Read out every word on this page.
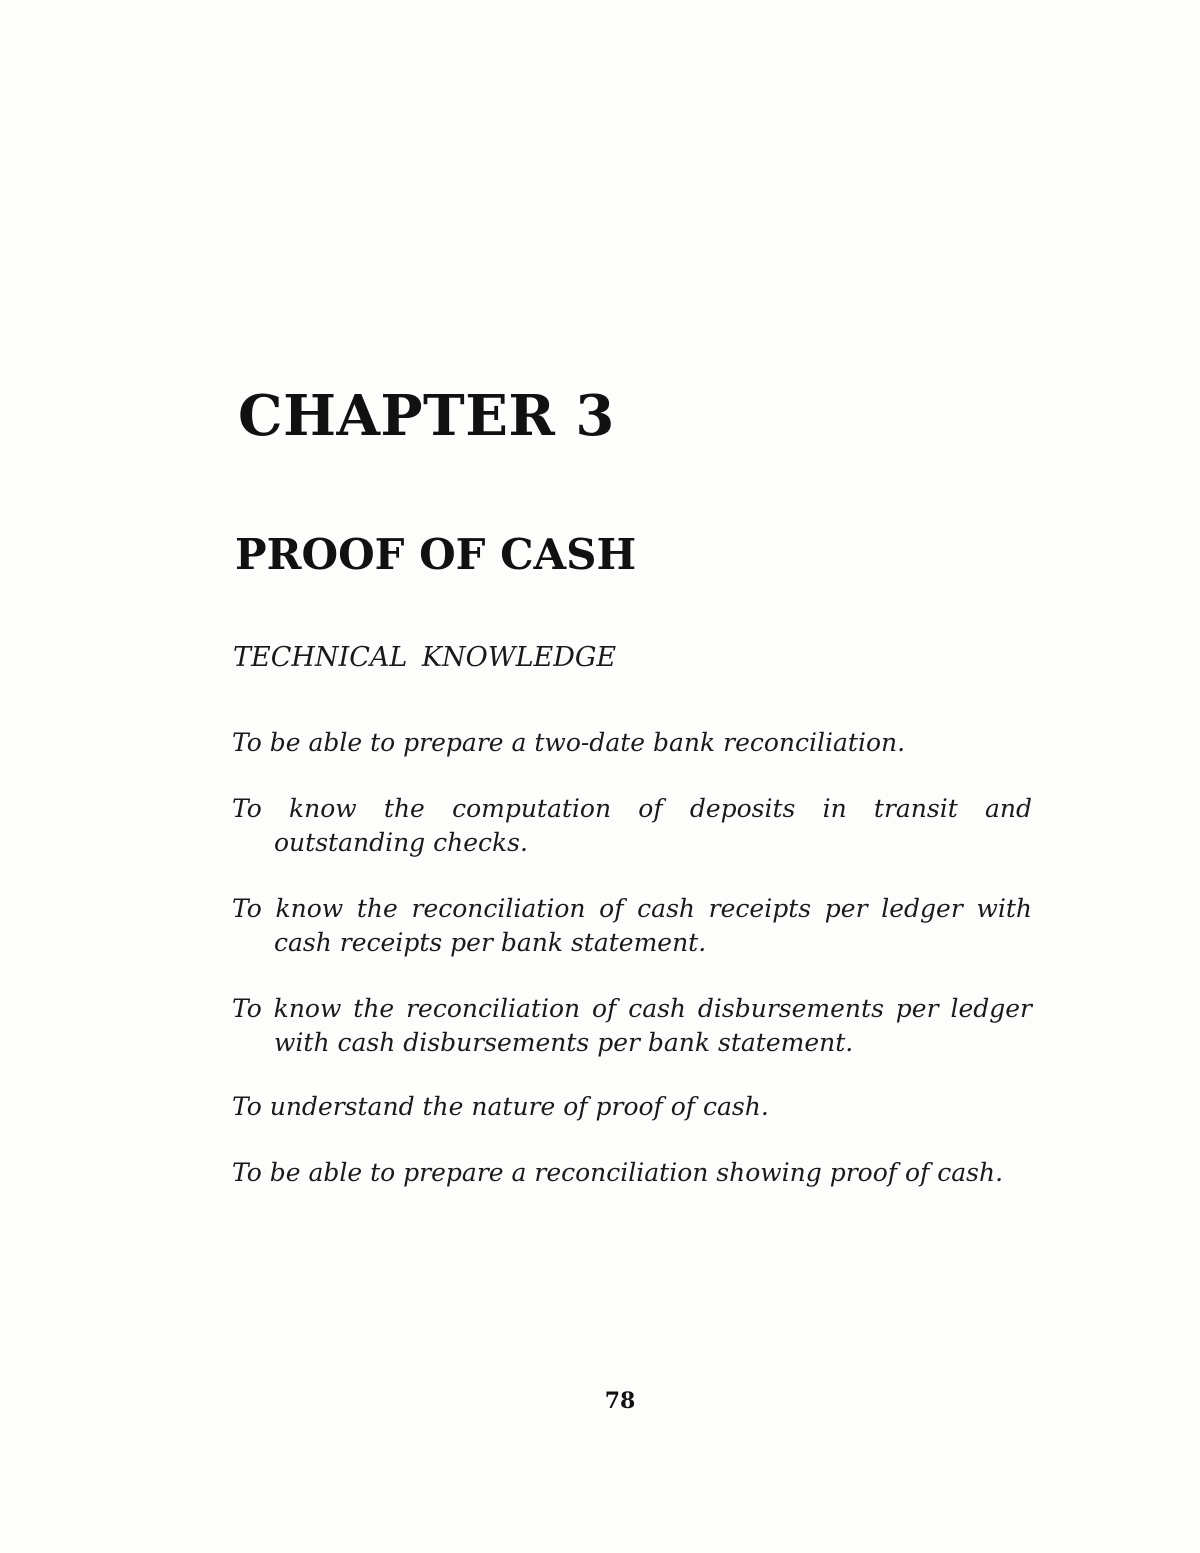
CHAPTER 3
PROOF OF CASH
TECHNICAL KNOWLEDGE
To be able to prepare a two-date bank reconciliation.
To know the computation of deposits in transit and outstanding checks.
To know the reconciliation of cash receipts per ledger with cash receipts per bank statement.
To know the reconciliation of cash disbursements per ledger with cash disbursements per bank statement.
To understand the nature of proof of cash.
To be able to prepare a reconciliation showing proof of cash.
78
